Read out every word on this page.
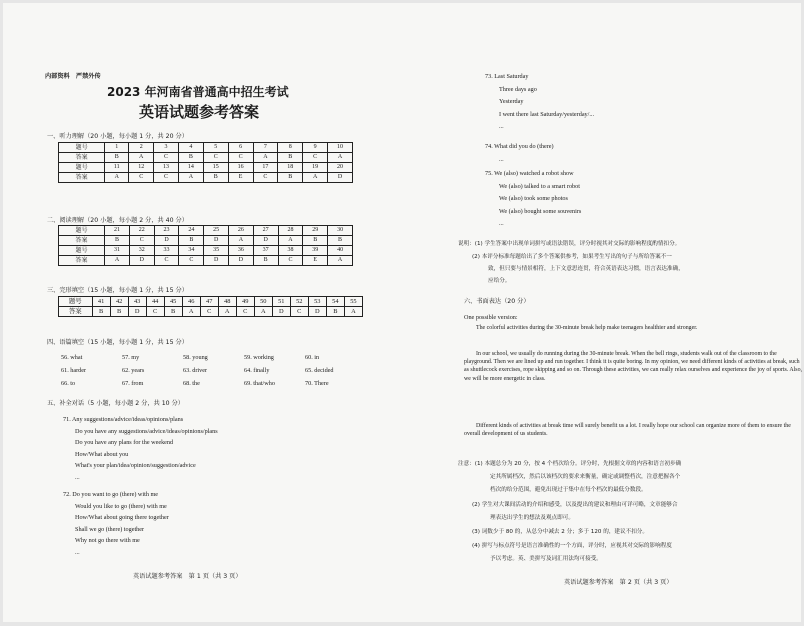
内部资料　严禁外传
2023 年河南省普通高中招生考试
英语试题参考答案
一、听力理解（20 小题，每小题 1 分，共 20 分）
题号	1	2	3	4	5	6	7	8	9	10
答案	B	A	C	B	C	C	A	B	C	A
题号	11	12	13	14	15	16	17	18	19	20
答案	A	C	C	A	B	E	C	B	A	D
二、阅读理解（20 小题，每小题 2 分，共 40 分）
题号	21	22	23	24	25	26	27	28	29	30
答案	B	C	D	B	D	A	D	A	B	B
题号	31	32	33	34	35	36	37	38	39	40
答案	A	D	C	C	D	D	B	C	E	A
三、完形填空（15 小题，每小题 1 分，共 15 分）
题号	41	42	43	44	45	46	47	48	49	50	51	52	53	54	55
答案	B	B	D	C	B	A	C	A	C	A	D	C	D	B	A
四、语篇填空（15 小题，每小题 1 分，共 15 分）
56. what	57. my	58. young	59. working	60. in
61. harder	62. years	63. driver	64. finally	65. decided
66. to	67. from	68. the	69. that/who	70. There
五、补全对话（5 小题，每小题 2 分，共 10 分）
71. Any suggestions/advice/ideas/opinions/plans
Do you have any suggestions/advice/ideas/opinions/plans
Do you have any plans for the weekend
How/What about you
What's your plan/idea/opinion/suggestion/advice
...
72. Do you want to go (there) with me
Would you like to go (there) with me
How/What about going there together
Shall we go (there) together
Why not go there with me
...
英语试题参考答案　第 1 页（共 3 页）
73. Last Saturday
Three days ago
Yesterday
I went there last Saturday/yesterday/...
...
74. What did you do (there)
...
75. We (also) watched a robot show
We (also) talked to a smart robot
We (also) took some photos
We (also) bought some souvenirs
...
说明：(1) 学生答案中出现单词拼写或语法错误，评分时视其对交际的影响程度酌情扣分。
(2) 本评分标准每题给出了多个答案供参考，如果考生写出的句子与所给答案不一
致，但只要与情景相符，上下文意思连贯，符合英语表达习惯，语言表达准确，
应给分。
六、书面表达（20 分）
One possible version:
The colorful activities during the 30-minute break help make teenagers healthier and stronger.
In our school, we usually do running during the 30-minute break. When the bell rings, students walk out of the classroom to the playground. Then we are lined up and run together. I think it is quite boring. In my opinion, we need different kinds of activities at break, such as shuttlecock exercises, rope skipping and so on. Through these activities, we can really relax ourselves and experience the joy of sports. Also, we will be more energetic in class.
Different kinds of activities at break time will surely benefit us a lot. I really hope our school can organize more of them to ensure the overall development of us students.
注意：(1) 本题总分为 20 分，按 4 个档次给分。评分时，先根据文章的内容和语言初步确
定其所属档次，然后以该档次的要求来衡量，确定或调整档次，注意把握各个
档次的给分范围，避免出现过于集中在每个档次的最低分数段。
(2) 学生对大课间活动的介绍和感受，以及提出的建议和理由可详可略，文章能够合
理表达出学生的想法及观点即可。
(3) 词数少于 80 的，从总分中减去 2 分；多于 120 的，建议不扣分。
(4) 拼写与标点符号是语言准确性的一个方面，评分时，应视其对交际的影响程度
予以考虑。英、美拼写及词汇用法均可接受。
英语试题参考答案　第 2 页（共 3 页）
